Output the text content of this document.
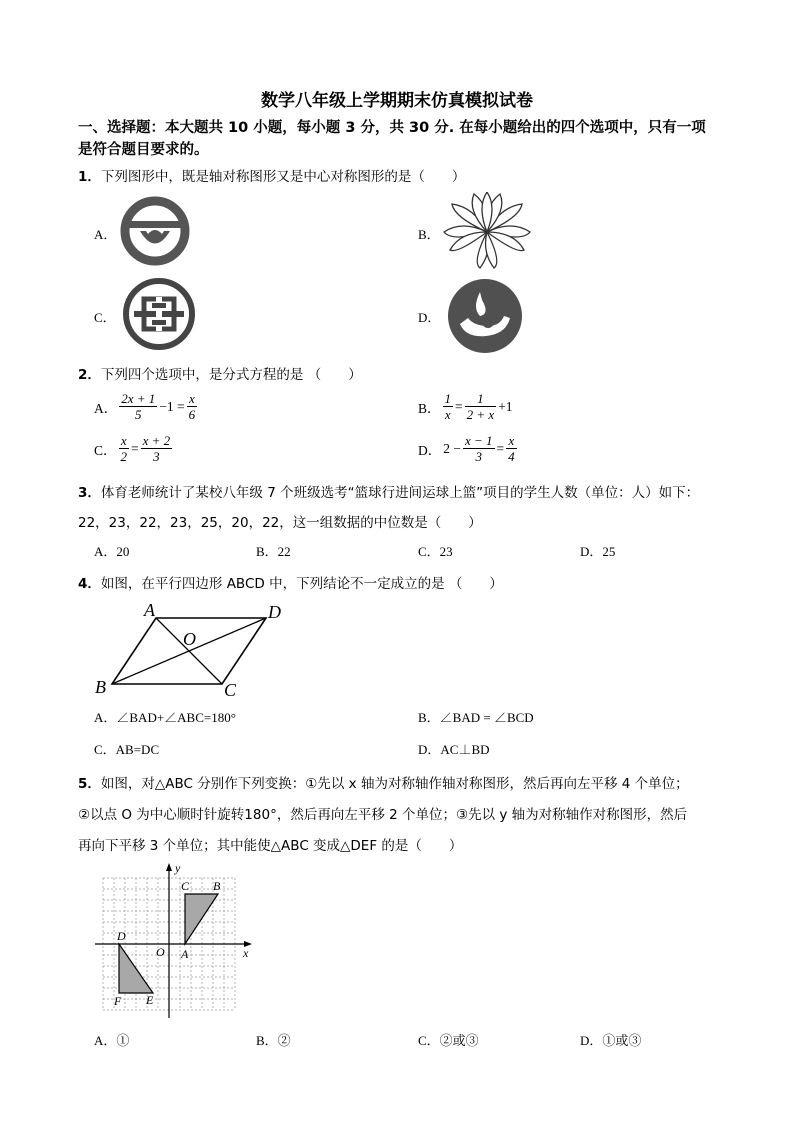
数学八年级上学期期末仿真模拟试卷
一、选择题：本大题共 10 小题，每小题 3 分，共 30 分. 在每小题给出的四个选项中，只有一项
是符合题目要求的。
1．下列图形中，既是轴对称图形又是中心对称图形的是（　　）
A．	B．
C．	D．
2．下列四个选项中，是分式方程的是 （　　）
A． $\frac{2x + 1}{5} -1 = \frac{x}{6}$	B． $\frac{1}{x} = \frac{1}{2 + x} +1$
C． $\frac{x}{2} = \frac{x + 2}{3}$	D． $2 - \frac{x - 1}{3} = \frac{x}{4}$
3．体育老师统计了某校八年级 7 个班级选考“篮球行进间运球上篮”项目的学生人数（单位：人）如下：
22，23，22，23，25，20，22，这一组数据的中位数是（　　）
A．20	B．22	C．23	D．25
4．如图，在平行四边形 ABCD 中，下列结论不一定成立的是 （　　）
A	D
B	C
O
A．∠BAD+∠ABC=180°	B．∠BAD = ∠BCD
C．AB=DC	D．AC⊥BD
5．如图，对△ABC 分别作下列变换：①先以 x 轴为对称轴作轴对称图形，然后再向左平移 4 个单位；
②以点 O 为中心顺时针旋转180°，然后再向左平移 2 个单位；③先以 y 轴为对称轴作对称图形，然后
再向下平移 3 个单位；其中能使△ABC 变成△DEF 的是（　　）
y
x
O A
B
C
D
E
F
A．①	B．②	C．②或③	D．①或③
